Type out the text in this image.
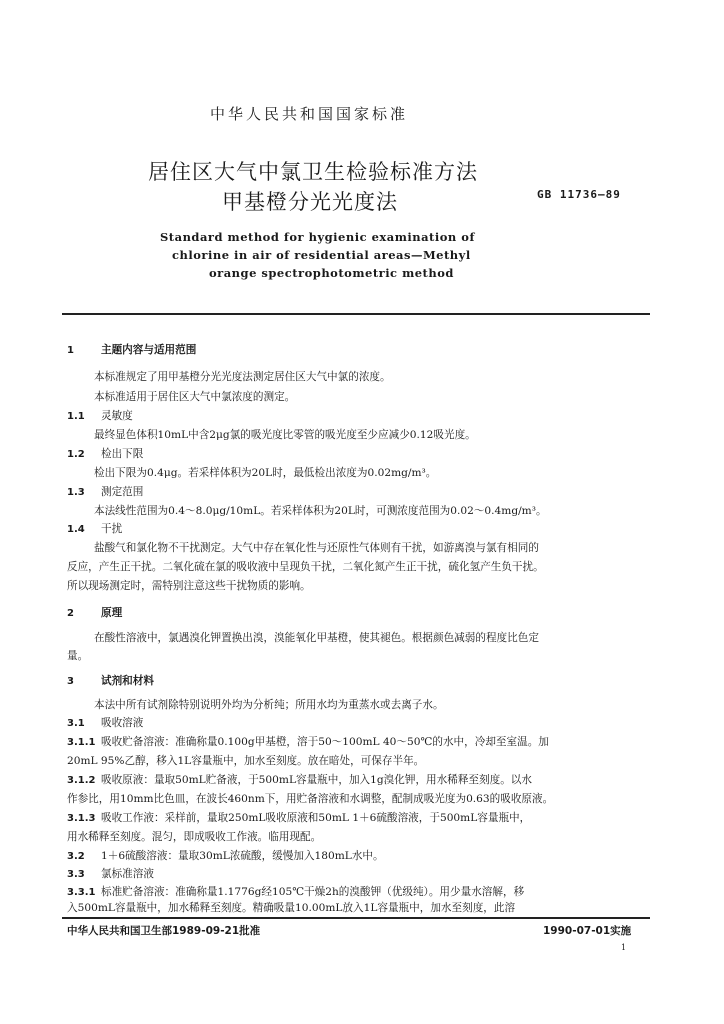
中华人民共和国国家标准
居住区大气中氯卫生检验标准方法
甲基橙分光光度法	GB 11736—89
Standard method for hygienic examination of
chlorine in air of residential areas—Methyl
orange spectrophotometric method
1	主题内容与适用范围
本标准规定了用甲基橙分光光度法测定居住区大气中氯的浓度。
本标准适用于居住区大气中氯浓度的测定。
1.1 灵敏度
最终显色体积10mL中含2μg氯的吸光度比零管的吸光度至少应减少0.12吸光度。
1.2 检出下限
检出下限为0.4μg。若采样体积为20L时，最低检出浓度为0.02mg/m³。
1.3 测定范围
本法线性范围为0.4～8.0μg/10mL。若采样体积为20L时，可测浓度范围为0.02～0.4mg/m³。
1.4 干扰
盐酸气和氯化物不干扰测定。大气中存在氧化性与还原性气体则有干扰，如游离溴与氯有相同的
反应，产生正干扰。二氧化硫在氯的吸收液中呈现负干扰，二氧化氮产生正干扰，硫化氢产生负干扰。
所以现场测定时，需特别注意这些干扰物质的影响。
2	原理
在酸性溶液中，氯遇溴化钾置换出溴，溴能氧化甲基橙，使其褪色。根据颜色减弱的程度比色定
量。
3	试剂和材料
本法中所有试剂除特别说明外均为分析纯；所用水均为重蒸水或去离子水。
3.1 吸收溶液
3.1.1 吸收贮备溶液：准确称量0.100g甲基橙，溶于50～100mL 40～50℃的水中，冷却至室温。加
20mL 95%乙醇，移入1L容量瓶中，加水至刻度。放在暗处，可保存半年。
3.1.2 吸收原液：量取50mL贮备液，于500mL容量瓶中，加入1g溴化钾，用水稀释至刻度。以水
作参比，用10mm比色皿，在波长460nm下，用贮备溶液和水调整，配制成吸光度为0.63的吸收原液。
3.1.3 吸收工作液：采样前，量取250mL吸收原液和50mL 1＋6硫酸溶液，于500mL容量瓶中，
用水稀释至刻度。混匀，即成吸收工作液。临用现配。
3.2 1＋6硫酸溶液：量取30mL浓硫酸，缓慢加入180mL水中。
3.3 氯标准溶液
3.3.1 标准贮备溶液：准确称量1.1776g经105℃干燥2h的溴酸钾（优级纯）。用少量水溶解，移
入500mL容量瓶中，加水稀释至刻度。精确吸量10.00mL放入1L容量瓶中，加水至刻度，此溶
中华人民共和国卫生部1989-09-21批准	1990-07-01实施
1
